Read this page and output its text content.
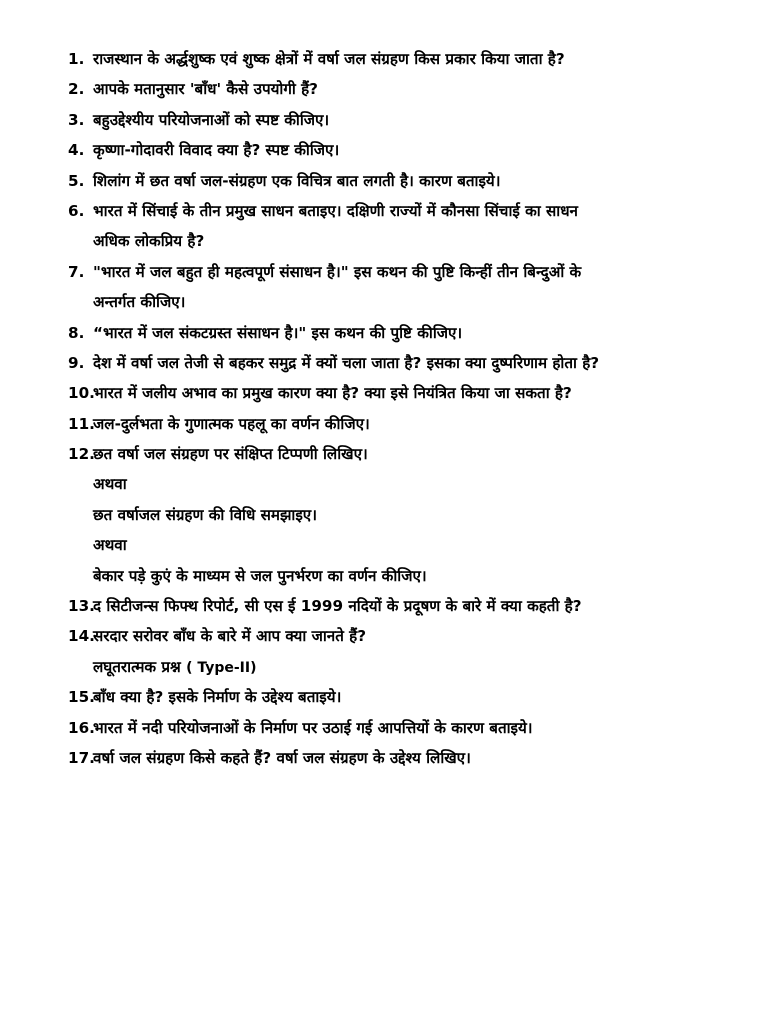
1. राजस्थान के अर्द्धशुष्क एवं शुष्क क्षेत्रों में वर्षा जल संग्रहण किस प्रकार किया जाता है?
2. आपके मतानुसार 'बाँध' कैसे उपयोगी हैं?
3. बहुउद्देश्यीय परियोजनाओं को स्पष्ट कीजिए।
4. कृष्णा-गोदावरी विवाद क्या है? स्पष्ट कीजिए।
5. शिलांग में छत वर्षा जल-संग्रहण एक विचित्र बात लगती है। कारण बताइये।
6. भारत में सिंचाई के तीन प्रमुख साधन बताइए। दक्षिणी राज्यों में कौनसा सिंचाई का साधन
अधिक लोकप्रिय है?
7. "भारत में जल बहुत ही महत्वपूर्ण संसाधन है।" इस कथन की पुष्टि किन्हीं तीन बिन्दुओं के
अन्तर्गत कीजिए।
8. “भारत में जल संकटग्रस्त संसाधन है।" इस कथन की पुष्टि कीजिए।
9. देश में वर्षा जल तेजी से बहकर समुद्र में क्यों चला जाता है? इसका क्या दुष्परिणाम होता है?
10.
भारत में जलीय अभाव का प्रमुख कारण क्या है? क्या इसे नियंत्रित किया जा सकता है?
11.
जल-दुर्लभता के गुणात्मक पहलू का वर्णन कीजिए।
12.
छत वर्षा जल संग्रहण पर संक्षिप्त टिप्पणी लिखिए।
अथवा
छत वर्षाजल संग्रहण की विधि समझाइए।
अथवा
बेकार पड़े कुएं के माध्यम से जल पुनर्भरण का वर्णन कीजिए।
13.
द सिटीजन्स फिफ्थ रिपोर्ट, सी एस ई 1999 नदियों के प्रदूषण के बारे में क्या कहती है?
14.
सरदार सरोवर बाँध के बारे में आप क्या जानते हैं?
लघूतरात्मक प्रश्न ( Type-II)
15.
बाँध क्या है? इसके निर्माण के उद्देश्य बताइये।
16.
भारत में नदी परियोजनाओं के निर्माण पर उठाई गई आपत्तियों के कारण बताइये।
17.
वर्षा जल संग्रहण किसे कहते हैं? वर्षा जल संग्रहण के उद्देश्य लिखिए।
